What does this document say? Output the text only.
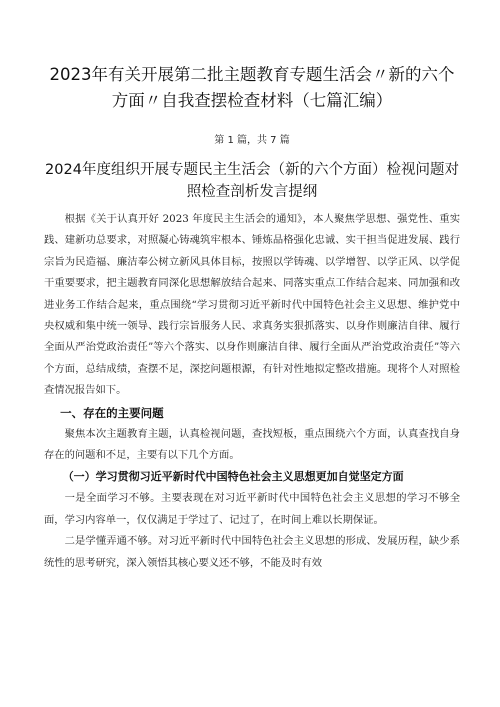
2023年有关开展第二批主题教育专题生活会〃新的六个方面〃自我查摆检查材料（七篇汇编）
第 1 篇，共 7 篇
2024年度组织开展专题民主生活会（新的六个方面）检视问题对照检查剖析发言提纲

根据《关于认真开好 2023 年度民主生活会的通知》，本人聚焦学思想、强党性、重实践、建新功总要求，对照凝心铸魂筑牢根本、锤炼品格强化忠诚、实干担当促进发展、践行宗旨为民造福、廉洁奉公树立新风具体目标，按照以学铸魂、以学增智、以学正风、以学促干重要要求，把主题教育同深化思想解放结合起来、同落实重点工作结合起来、同加强和改进业务工作结合起来，重点围绕“学习贯彻习近平新时代中国特色社会主义思想、维护党中央权威和集中统一领导、践行宗旨服务人民、求真务实狠抓落实、以身作则廉洁自律、履行全面从严治党政治责任”等六个落实、以身作则廉洁自律、履行全面从严治党政治责任”等六个方面，总结成绩，查摆不足，深挖问题根源，有针对性地拟定整改措施。现将个人对照检查情况报告如下。

一、存在的主要问题

聚焦本次主题教育主题，认真检视问题，查找短板，重点围绕六个方面，认真查找自身存在的问题和不足，主要有以下几个方面。

（一）学习贯彻习近平新时代中国特色社会主义思想更加自觉坚定方面

一是全面学习不够。主要表现在对习近平新时代中国特色社会主义思想的学习不够全面，学习内容单一，仅仅满足于学过了、记过了，在时间上难以长期保证。

二是学懂弄通不够。对习近平新时代中国特色社会主义思想的形成、发展历程，缺少系统性的思考研究，深入领悟其核心要义还不够，不能及时有效
